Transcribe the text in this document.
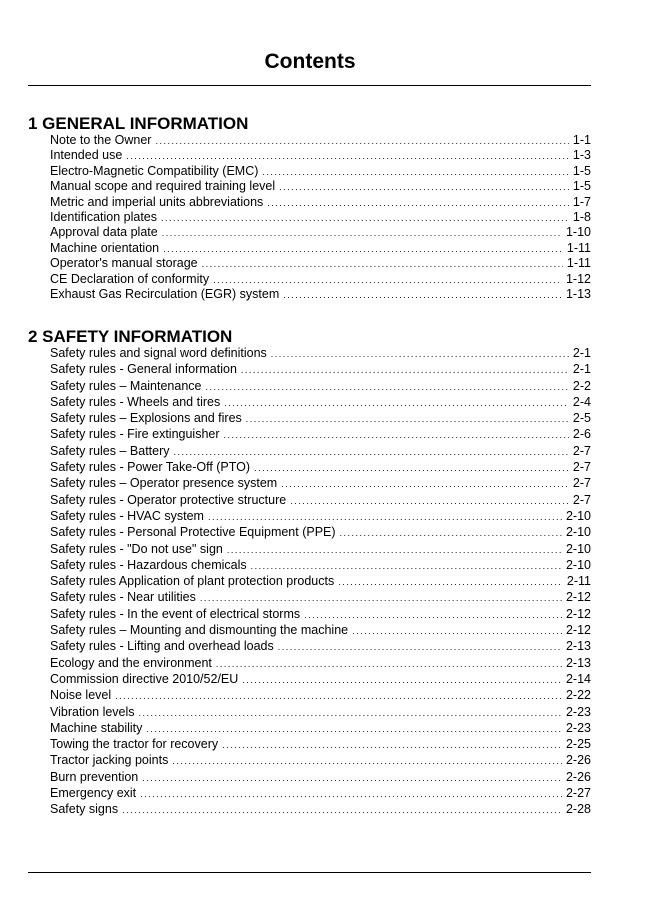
Contents
1 GENERAL INFORMATION
Note to the Owner .....	1-1
Intended use .....	1-3
Electro-Magnetic Compatibility (EMC) .....	1-5
Manual scope and required training level .....	1-5
Metric and imperial units abbreviations .....	1-7
Identification plates .....	1-8
Approval data plate .....	1-10
Machine orientation .....	1-11
Operator's manual storage .....	1-11
CE Declaration of conformity .....	1-12
Exhaust Gas Recirculation (EGR) system .....	1-13
2 SAFETY INFORMATION
Safety rules and signal word definitions .....	2-1
Safety rules - General information .....	2-1
Safety rules – Maintenance .....	2-2
Safety rules - Wheels and tires .....	2-4
Safety rules – Explosions and fires .....	2-5
Safety rules - Fire extinguisher .....	2-6
Safety rules – Battery .....	2-7
Safety rules - Power Take-Off (PTO) .....	2-7
Safety rules – Operator presence system .....	2-7
Safety rules - Operator protective structure .....	2-7
Safety rules - HVAC system .....	2-10
Safety rules - Personal Protective Equipment (PPE) .....	2-10
Safety rules - "Do not use" sign .....	2-10
Safety rules - Hazardous chemicals .....	2-10
Safety rules Application of plant protection products .....	2-11
Safety rules - Near utilities .....	2-12
Safety rules - In the event of electrical storms .....	2-12
Safety rules – Mounting and dismounting the machine .....	2-12
Safety rules - Lifting and overhead loads .....	2-13
Ecology and the environment .....	2-13
Commission directive 2010/52/EU .....	2-14
Noise level .....	2-22
Vibration levels .....	2-23
Machine stability .....	2-23
Towing the tractor for recovery .....	2-25
Tractor jacking points .....	2-26
Burn prevention .....	2-26
Emergency exit .....	2-27
Safety signs .....	2-28
